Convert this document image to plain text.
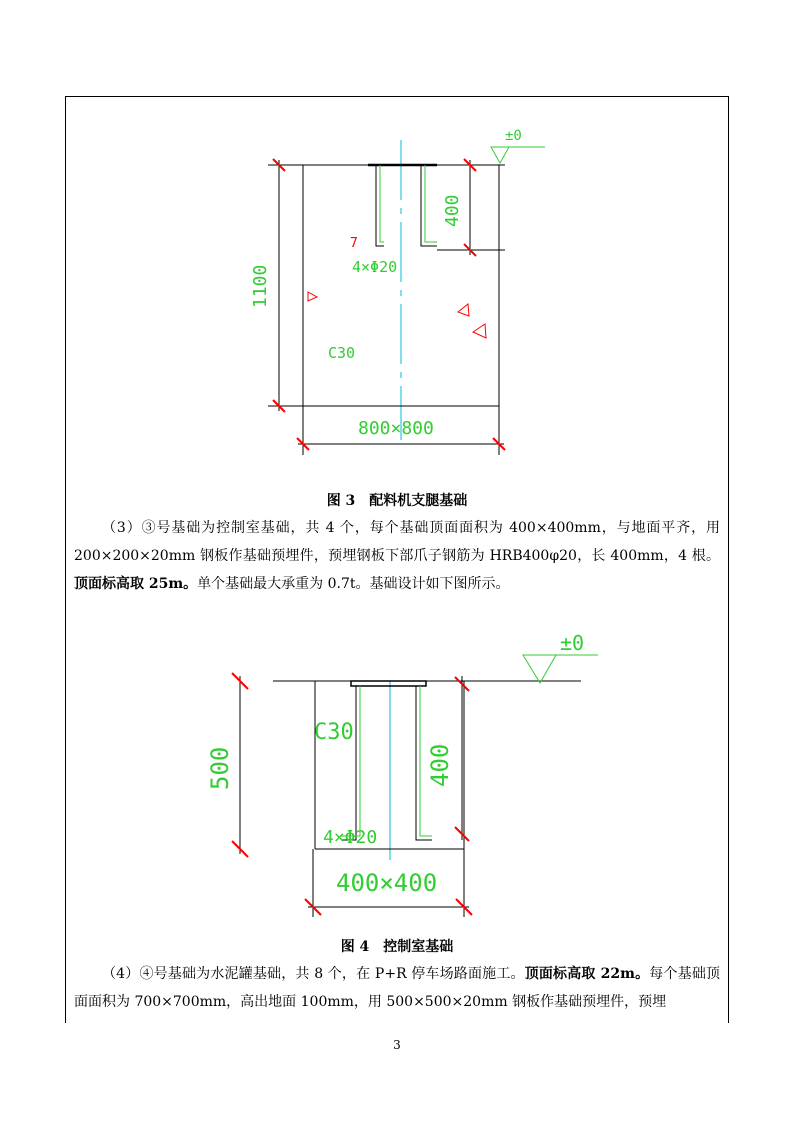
±0
400
1100
800×800
7
4×Φ20
C30
图 3　配料机支腿基础
（3）③号基础为控制室基础，共 4 个，每个基础顶面面积为 400×400mm，与地面平齐，用 200×200×20mm 钢板作基础预埋件，预埋钢板下部爪子钢筋为 HRB400φ20，长 400mm，4 根。顶面标高取 25m。单个基础最大承重为 0.7t。基础设计如下图所示。
±0
500	400
400×400
C30
4×Φ20
图 4　控制室基础
（4）④号基础为水泥罐基础，共 8 个，在 P+R 停车场路面施工。顶面标高取 22m。每个基础顶面面积为 700×700mm，高出地面 100mm，用 500×500×20mm 钢板作基础预埋件，预埋
3
